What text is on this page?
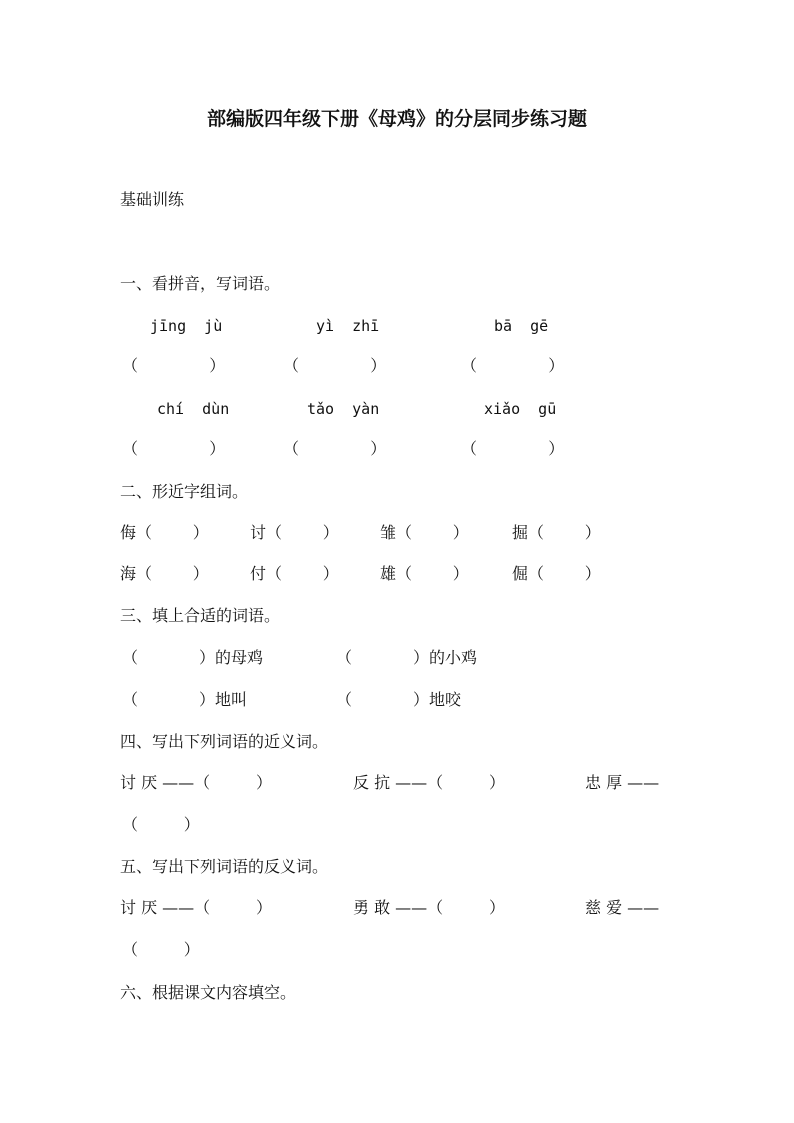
部编版四年级下册《母鸡》的分层同步练习题
基础训练
一、看拼音，写词语。
jīng  jù	yì  zhī	bā  gē
（              ）	（              ）	（              ）
chí  dùn	tǎo  yàn	xiǎo  gū
（              ）	（              ）	（              ）
二、形近字组词。
侮（        ）	讨（        ）	雏（        ）	掘（        ）
海（        ）	付（        ）	雄（        ）	倔（        ）
三、填上合适的词语。
（            ）的母鸡	（            ）的小鸡
（            ）地叫	（            ）地咬
四、写出下列词语的近义词。
讨 厌 ——（         ）	反 抗 ——（         ）	忠 厚 ——
（         ）
五、写出下列词语的反义词。
讨 厌 ——（         ）	勇 敢 ——（         ）	慈 爱 ——
（         ）
六、根据课文内容填空。
